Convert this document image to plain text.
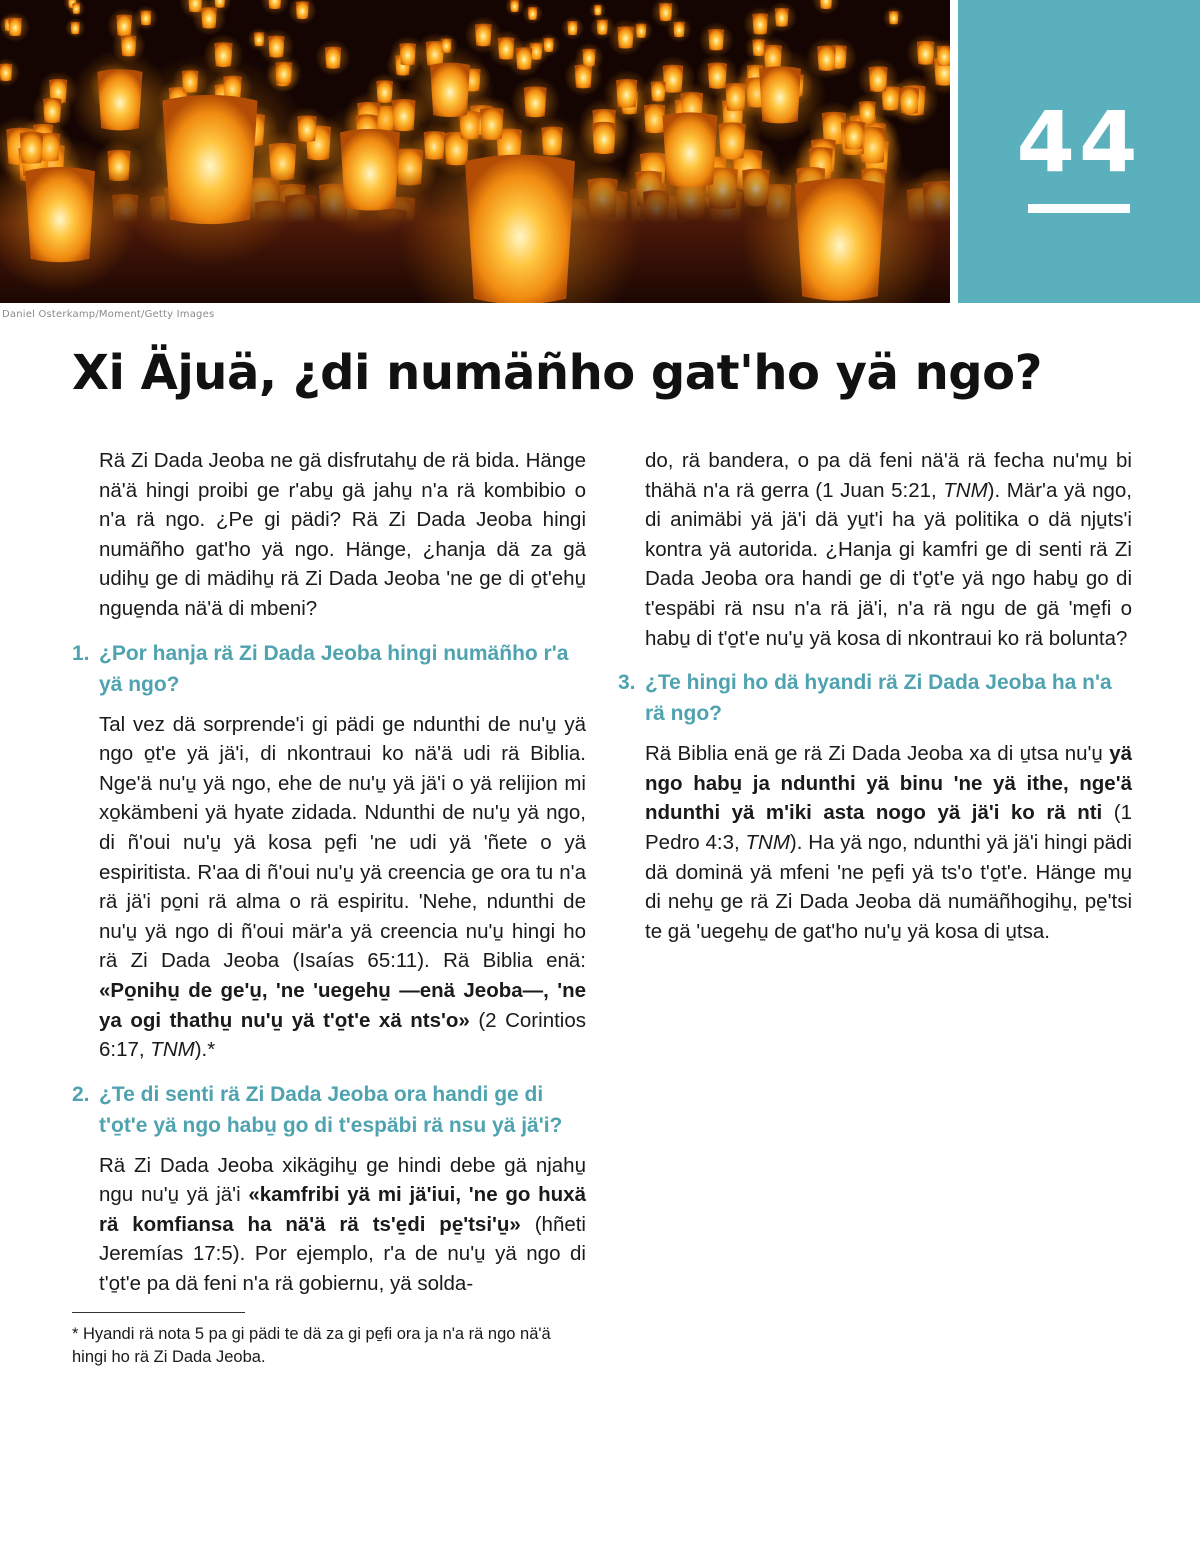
Daniel Osterkamp/Moment/Getty Images
44
Xi Äjuä, ¿di numäñho gat'ho yä ngo?

Rä Zi Dada Jeoba ne gä disfrutahu̱ de rä bida. Hänge nä'ä hingi proibi ge r'abu̱ gä jahu̱ n'a rä kombibio o n'a rä ngo. ¿Pe gi pädi? Rä Zi Dada Jeoba hingi numäñho gat'ho yä ngo. Hänge, ¿hanja dä za gä udihu̱ ge di mädihu̱ rä Zi Dada Jeoba 'ne ge di o̱t'ehu̱ ngue̱nda nä'ä di mbeni?

1. ¿Por hanja rä Zi Dada Jeoba hingi numäñho r'a yä ngo?

Tal vez dä sorprende'i gi pädi ge ndunthi de nu'u̱ yä ngo o̱t'e yä jä'i, di nkontraui ko nä'ä udi rä Biblia. Nge'ä nu'u̱ yä ngo, ehe de nu'u̱ yä jä'i o yä relijion mi xo̱kämbeni yä hyate zidada. Ndunthi de nu'u̱ yä ngo, di ñ'oui nu'u̱ yä kosa pe̱fi 'ne udi yä 'ñete o yä espiritista. R'aa di ñ'oui nu'u̱ yä creencia ge ora tu n'a rä jä'i po̱ni rä alma o rä espiritu. 'Nehe, ndunthi de nu'u̱ yä ngo di ñ'oui mär'a yä creencia nu'u̱ hingi ho rä Zi Dada Jeoba (Isaías 65:11). Rä Biblia enä: «Po̱nihu̱ de ge'u̱, 'ne 'uegehu̱ —enä Jeoba—, 'ne ya ogi thathu̱ nu'u̱ yä t'o̱t'e xä nts'o» (2 Corintios 6:17, TNM).*

2. ¿Te di senti rä Zi Dada Jeoba ora handi ge di t'o̱t'e yä ngo habu̱ go di t'espäbi rä nsu yä jä'i?

Rä Zi Dada Jeoba xikägihu̱ ge hindi debe gä njahu̱ ngu nu'u̱ yä jä'i «kamfribi yä mi jä'iui, 'ne go huxä rä komfiansa ha nä'ä rä ts'e̱di pe̱'tsi'u̱» (hñeti Jeremías 17:5). Por ejemplo, r'a de nu'u̱ yä ngo di t'o̱t'e pa dä feni n'a rä gobiernu, yä solda-

* Hyandi rä nota 5 pa gi pädi te dä za gi pe̱fi ora ja n'a rä ngo nä'ä hingi ho rä Zi Dada Jeoba.

do, rä bandera, o pa dä feni nä'ä rä fecha nu'mu̱ bi thähä n'a rä gerra (1 Juan 5:21, TNM). Mär'a yä ngo, di animäbi yä jä'i dä yu̱t'i ha yä politika o dä nju̱ts'i kontra yä autorida. ¿Hanja gi kamfri ge di senti rä Zi Dada Jeoba ora handi ge di t'o̱t'e yä ngo habu̱ go di t'espäbi rä nsu n'a rä jä'i, n'a rä ngu de gä 'me̱fi o habu̱ di t'o̱t'e nu'u̱ yä kosa di nkontraui ko rä bolunta?

3. ¿Te hingi ho dä hyandi rä Zi Dada Jeoba ha n'a rä ngo?

Rä Biblia enä ge rä Zi Dada Jeoba xa di u̱tsa nu'u̱ yä ngo habu̱ ja ndunthi yä binu 'ne yä ithe, nge'ä ndunthi yä m'iki asta nogo yä jä'i ko rä nti (1 Pedro 4:3, TNM). Ha yä ngo, ndunthi yä jä'i hingi pädi dä dominä yä mfeni 'ne pe̱fi yä ts'o t'o̱t'e. Hänge mu̱ di nehu̱ ge rä Zi Dada Jeoba dä numäñhogihu̱, pe̱'tsi te gä 'uegehu̱ de gat'ho nu'u̱ yä kosa di u̱tsa.
